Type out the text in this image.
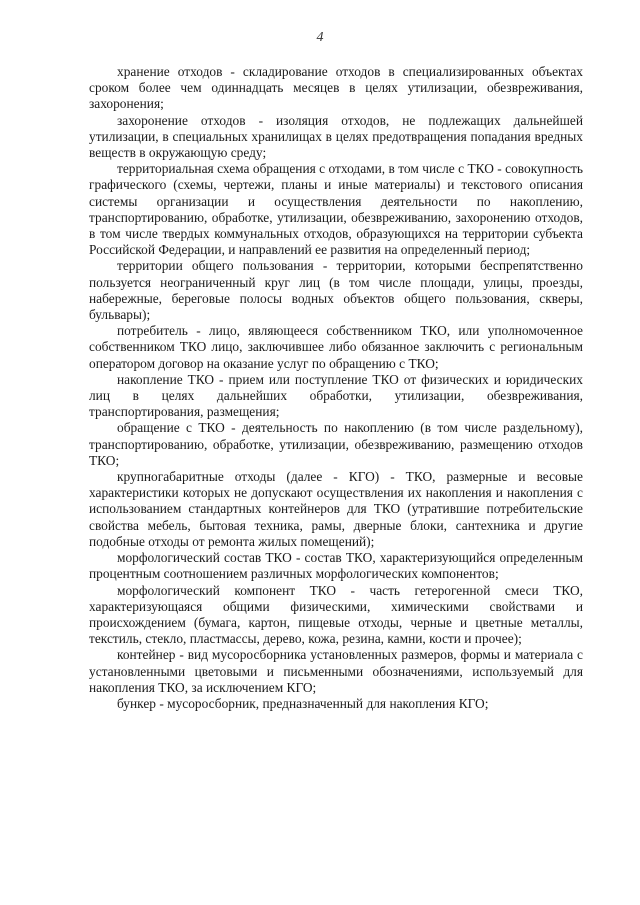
4

хранение отходов - складирование отходов в специализированных объектах сроком более чем одиннадцать месяцев в целях утилизации, обезвреживания, захоронения;

захоронение отходов - изоляция отходов, не подлежащих дальнейшей утилизации, в специальных хранилищах в целях предотвращения попадания вредных веществ в окружающую среду;

территориальная схема обращения с отходами, в том числе с ТКО - совокупность графического (схемы, чертежи, планы и иные материалы) и текстового описания системы организации и осуществления деятельности по накоплению, транспортированию, обработке, утилизации, обезвреживанию, захоронению отходов, в том числе твердых коммунальных отходов, образующихся на территории субъекта Российской Федерации, и направлений ее развития на определенный период;

территории общего пользования - территории, которыми беспрепятственно пользуется неограниченный круг лиц (в том числе площади, улицы, проезды, набережные, береговые полосы водных объектов общего пользования, скверы, бульвары);

потребитель - лицо, являющееся собственником ТКО, или уполномоченное собственником ТКО лицо, заключившее либо обязанное заключить с региональным оператором договор на оказание услуг по обращению с ТКО;

накопление ТКО - прием или поступление ТКО от физических и юридических лиц в целях дальнейших обработки, утилизации, обезвреживания, транспортирования, размещения;

обращение с ТКО - деятельность по накоплению (в том числе раздельному), транспортированию, обработке, утилизации, обезвреживанию, размещению отходов ТКО;

крупногабаритные отходы (далее - КГО) - ТКО, размерные и весовые характеристики которых не допускают осуществления их накопления и накопления с использованием стандартных контейнеров для ТКО (утратившие потребительские свойства мебель, бытовая техника, рамы, дверные блоки, сантехника и другие подобные отходы от ремонта жилых помещений);

морфологический состав ТКО - состав ТКО, характеризующийся определенным процентным соотношением различных морфологических компонентов;

морфологический компонент ТКО - часть гетерогенной смеси ТКО, характеризующаяся общими физическими, химическими свойствами и происхождением (бумага, картон, пищевые отходы, черные и цветные металлы, текстиль, стекло, пластмассы, дерево, кожа, резина, камни, кости и прочее);

контейнер - вид мусоросборника установленных размеров, формы и материала с установленными цветовыми и письменными обозначениями, используемый для накопления ТКО, за исключением КГО;

бункер - мусоросборник, предназначенный для накопления КГО;
